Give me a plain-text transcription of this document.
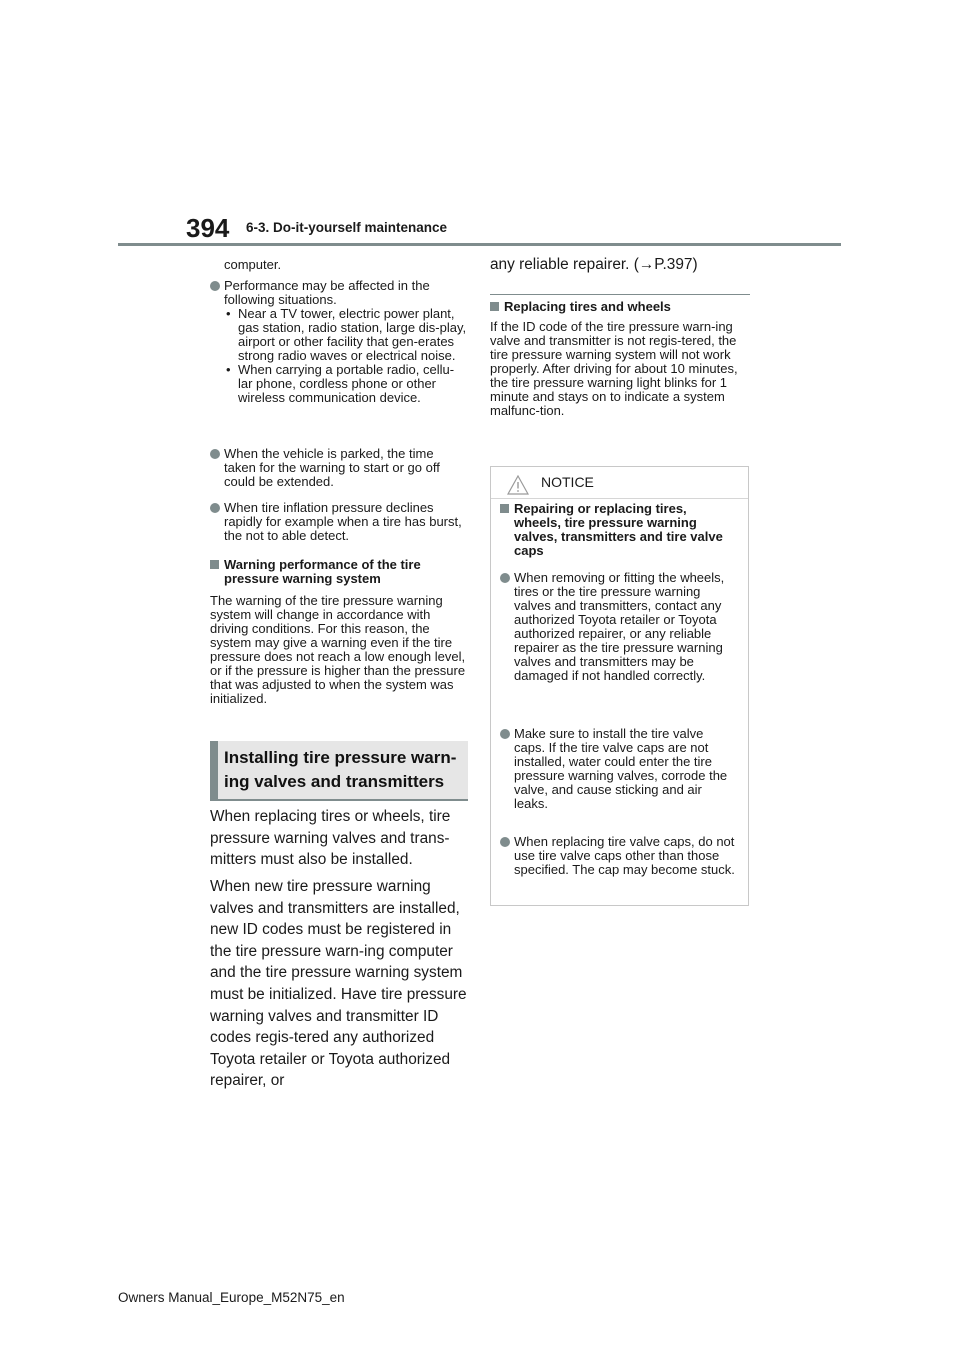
394 6-3. Do-it-yourself maintenance

computer.

Performance may be affected in the following situations.

• Near a TV tower, electric power plant, gas station, radio station, large dis-play, airport or other facility that gen-erates strong radio waves or electrical noise.

• When carrying a portable radio, cellu-lar phone, cordless phone or other wireless communication device.

When the vehicle is parked, the time taken for the warning to start or go off could be extended.

When tire inflation pressure declines rapidly for example when a tire has burst, the not to able detect.

Warning performance of the tire pressure warning system

The warning of the tire pressure warning system will change in accordance with driving conditions. For this reason, the system may give a warning even if the tire pressure does not reach a low enough level, or if the pressure is higher than the pressure that was adjusted to when the system was initialized.

Installing tire pressure warn-ing valves and transmitters

When replacing tires or wheels, tire pressure warning valves and trans-mitters must also be installed.

When new tire pressure warning valves and transmitters are installed, new ID codes must be registered in the tire pressure warn-ing computer and the tire pressure warning system must be initialized. Have tire pressure warning valves and transmitter ID codes regis-tered any authorized Toyota retailer or Toyota authorized repairer, or

any reliable repairer. (→P.397)

Replacing tires and wheels

If the ID code of the tire pressure warn-ing valve and transmitter is not regis-tered, the tire pressure warning system will not work properly. After driving for about 10 minutes, the tire pressure warning light blinks for 1 minute and stays on to indicate a system malfunc-tion.

NOTICE

Repairing or replacing tires, wheels, tire pressure warning valves, transmitters and tire valve caps

When removing or fitting the wheels, tires or the tire pressure warning valves and transmitters, contact any authorized Toyota retailer or Toyota authorized repairer, or any reliable repairer as the tire pressure warning valves and transmitters may be damaged if not handled correctly.

Make sure to install the tire valve caps. If the tire valve caps are not installed, water could enter the tire pressure warning valves, corrode the valve, and cause sticking and air leaks.

When replacing tire valve caps, do not use tire valve caps other than those specified. The cap may become stuck.

Owners Manual_Europe_M52N75_en
